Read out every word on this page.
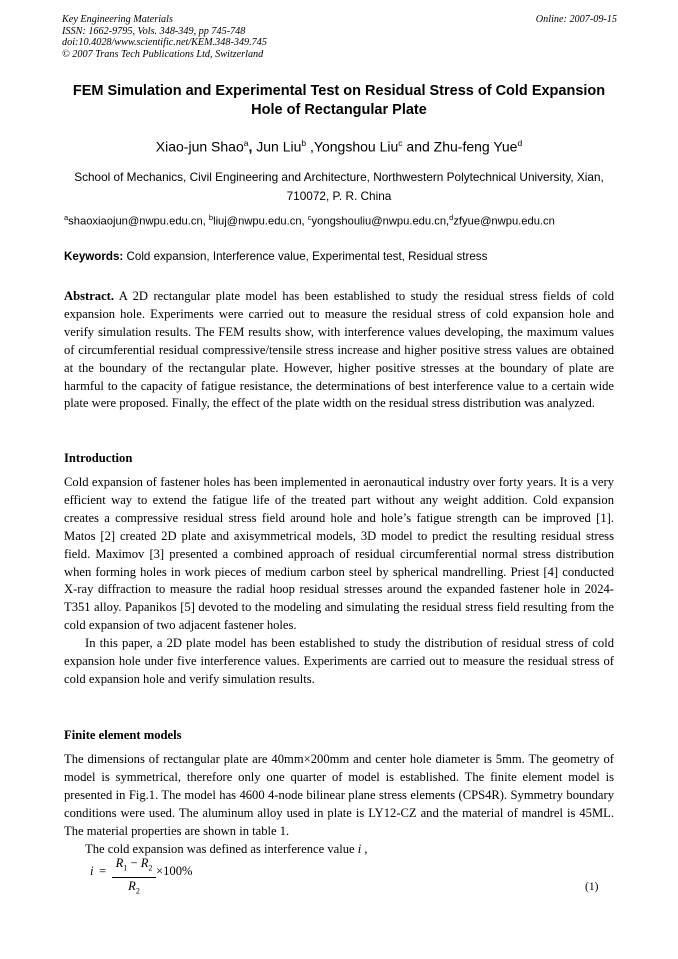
Key Engineering Materials
ISSN: 1662-9795, Vols. 348-349, pp 745-748
doi:10.4028/www.scientific.net/KEM.348-349.745
© 2007 Trans Tech Publications Ltd, Switzerland
Online: 2007-09-15
FEM Simulation and Experimental Test on Residual Stress of Cold Expansion Hole of Rectangular Plate
Xiao-jun Shao$^a$, Jun Liu$^b$ ,Yongshou Liu$^c$ and Zhu-feng Yue$^d$
School of Mechanics, Civil Engineering and Architecture, Northwestern Polytechnical University, Xian, 710072, P. R. China
$^a$shaoxiaojun@nwpu.edu.cn, $^b$liuj@nwpu.edu.cn, $^c$yongshouliu@nwpu.edu.cn,$^d$zfyue@nwpu.edu.cn
Keywords: Cold expansion, Interference value, Experimental test, Residual stress

Abstract. A 2D rectangular plate model has been established to study the residual stress fields of cold expansion hole. Experiments were carried out to measure the residual stress of cold expansion hole and verify simulation results. The FEM results show, with interference values developing, the maximum values of circumferential residual compressive/tensile stress increase and higher positive stress values are obtained at the boundary of the rectangular plate. However, higher positive stresses at the boundary of plate are harmful to the capacity of fatigue resistance, the determinations of best interference value to a certain wide plate were proposed. Finally, the effect of the plate width on the residual stress distribution was analyzed.

Introduction

Cold expansion of fastener holes has been implemented in aeronautical industry over forty years. It is a very efficient way to extend the fatigue life of the treated part without any weight addition. Cold expansion creates a compressive residual stress field around hole and hole’s fatigue strength can be improved [1]. Matos [2] created 2D plate and axisymmetrical models, 3D model to predict the resulting residual stress field. Maximov [3] presented a combined approach of residual circumferential normal stress distribution when forming holes in work pieces of medium carbon steel by spherical mandrelling. Priest [4] conducted X-ray diffraction to measure the radial hoop residual stresses around the expanded fastener hole in 2024-T351 alloy. Papanikos [5] devoted to the modeling and simulating the residual stress field resulting from the cold expansion of two adjacent fastener holes.

In this paper, a 2D plate model has been established to study the distribution of residual stress of cold expansion hole under five interference values. Experiments are carried out to measure the residual stress of cold expansion hole and verify simulation results.

Finite element models

The dimensions of rectangular plate are 40mm×200mm and center hole diameter is 5mm. The geometry of model is symmetrical, therefore only one quarter of model is established. The finite element model is presented in Fig.1. The model has 4600 4-node bilinear plane stress elements (CPS4R). Symmetry boundary conditions were used. The aluminum alloy used in plate is LY12-CZ and the material of mandrel is 45ML. The material properties are shown in table 1.

The cold expansion was defined as interference value i ,

i =
$R_1 - R_2$
$R_2$
×100%
(1)
